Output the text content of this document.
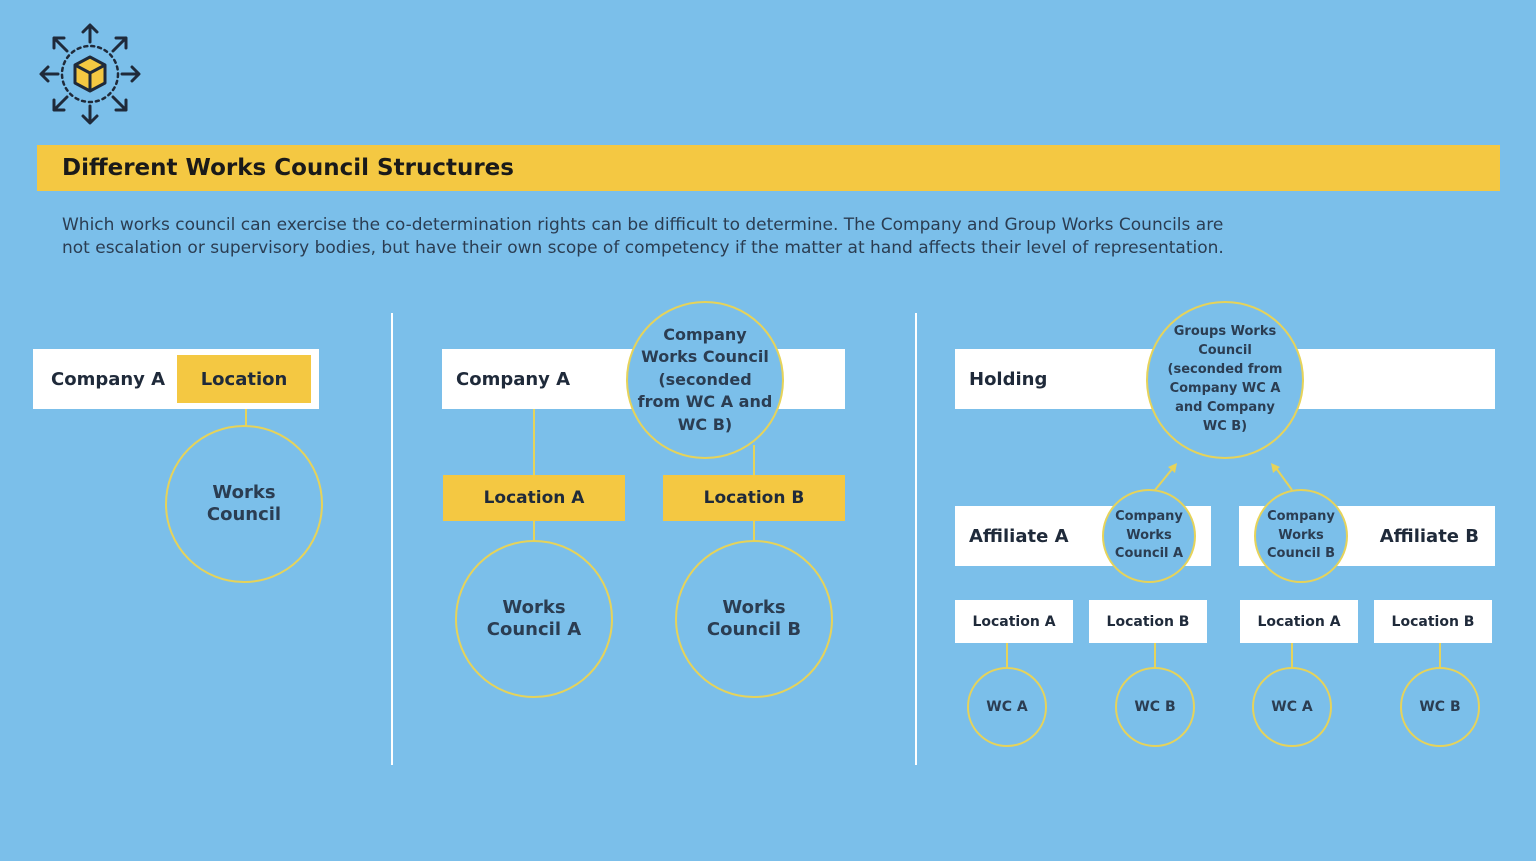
Different Works Council Structures
Which works council can exercise the co-determination rights can be difficult to determine. The Company and Group Works Councils are
not escalation or supervisory bodies, but have their own scope of competency if the matter at hand affects their level of representation.
Company A Location
Works
Council
Company A
Company
Works Council
(seconded
from WC A and
WC B)
Location A	Location B
Works
Council A
Works
Council B
Holding
Groups Works
Council
(seconded from
Company WC A
and Company
WC B)
Affiliate A	Affiliate B
Company
Works
Council A
Company
Works
Council B
Location A	Location B	Location A	Location B
WC A	WC B	WC A	WC B
